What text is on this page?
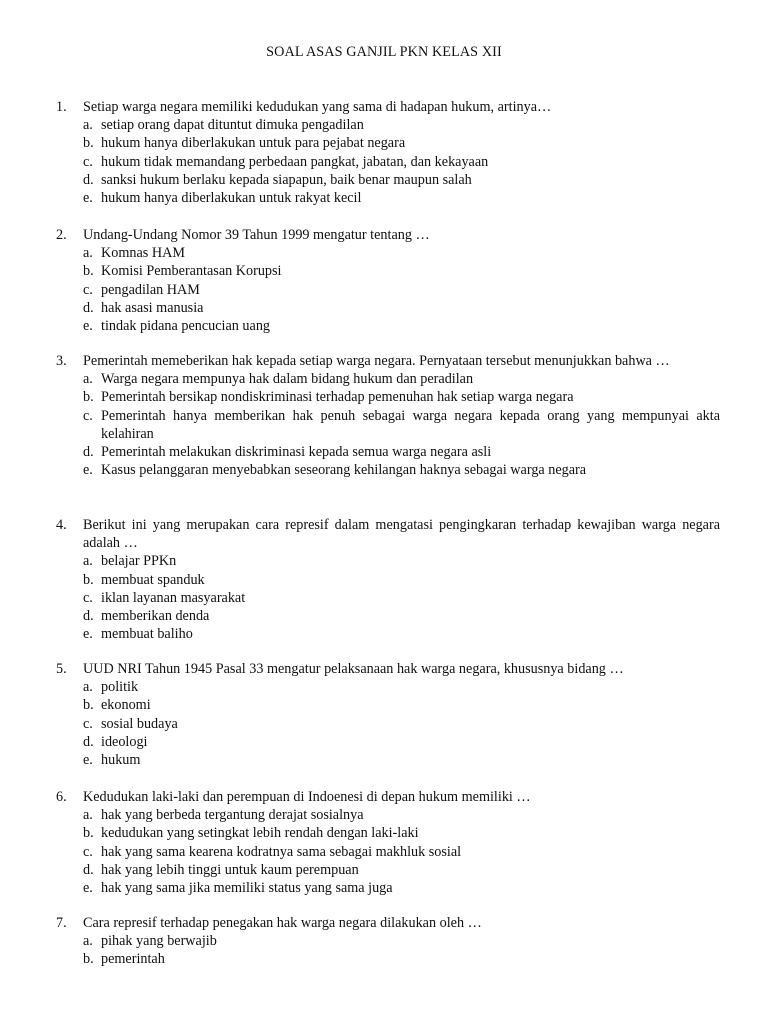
SOAL ASAS GANJIL PKN KELAS XII
1. Setiap warga negara memiliki kedudukan yang sama di hadapan hukum, artinya…
a. setiap orang dapat dituntut dimuka pengadilan
b. hukum hanya diberlakukan untuk para pejabat negara
c. hukum tidak memandang perbedaan pangkat, jabatan, dan kekayaan
d. sanksi hukum berlaku kepada siapapun, baik benar maupun salah
e. hukum hanya diberlakukan untuk rakyat kecil
2. Undang-Undang Nomor 39 Tahun 1999 mengatur tentang …
a. Komnas HAM
b. Komisi Pemberantasan Korupsi
c. pengadilan HAM
d. hak asasi manusia
e. tindak pidana pencucian uang
3. Pemerintah memeberikan hak kepada setiap warga negara. Pernyataan tersebut menunjukkan bahwa …
a. Warga negara mempunya hak dalam bidang hukum dan peradilan
b. Pemerintah bersikap nondiskriminasi terhadap pemenuhan hak setiap warga negara
c. Pemerintah hanya memberikan hak penuh sebagai warga negara kepada orang yang mempunyai akta kelahiran
d. Pemerintah melakukan diskriminasi kepada semua warga negara asli
e. Kasus pelanggaran menyebabkan seseorang kehilangan haknya sebagai warga negara
4. Berikut ini yang merupakan cara represif dalam mengatasi pengingkaran terhadap kewajiban warga negara adalah …
a. belajar PPKn
b. membuat spanduk
c. iklan layanan masyarakat
d. memberikan denda
e. membuat baliho
5. UUD NRI Tahun 1945 Pasal 33 mengatur pelaksanaan hak warga negara, khususnya bidang …
a. politik
b. ekonomi
c. sosial budaya
d. ideologi
e. hukum
6. Kedudukan laki-laki dan perempuan di Indoenesi di depan hukum memiliki …
a. hak yang berbeda tergantung derajat sosialnya
b. kedudukan yang setingkat lebih rendah dengan laki-laki
c. hak yang sama kearena kodratnya sama sebagai makhluk sosial
d. hak yang lebih tinggi untuk kaum perempuan
e. hak yang sama jika memiliki status yang sama juga
7. Cara represif terhadap penegakan hak warga negara dilakukan oleh …
a. pihak yang berwajib
b. pemerintah
